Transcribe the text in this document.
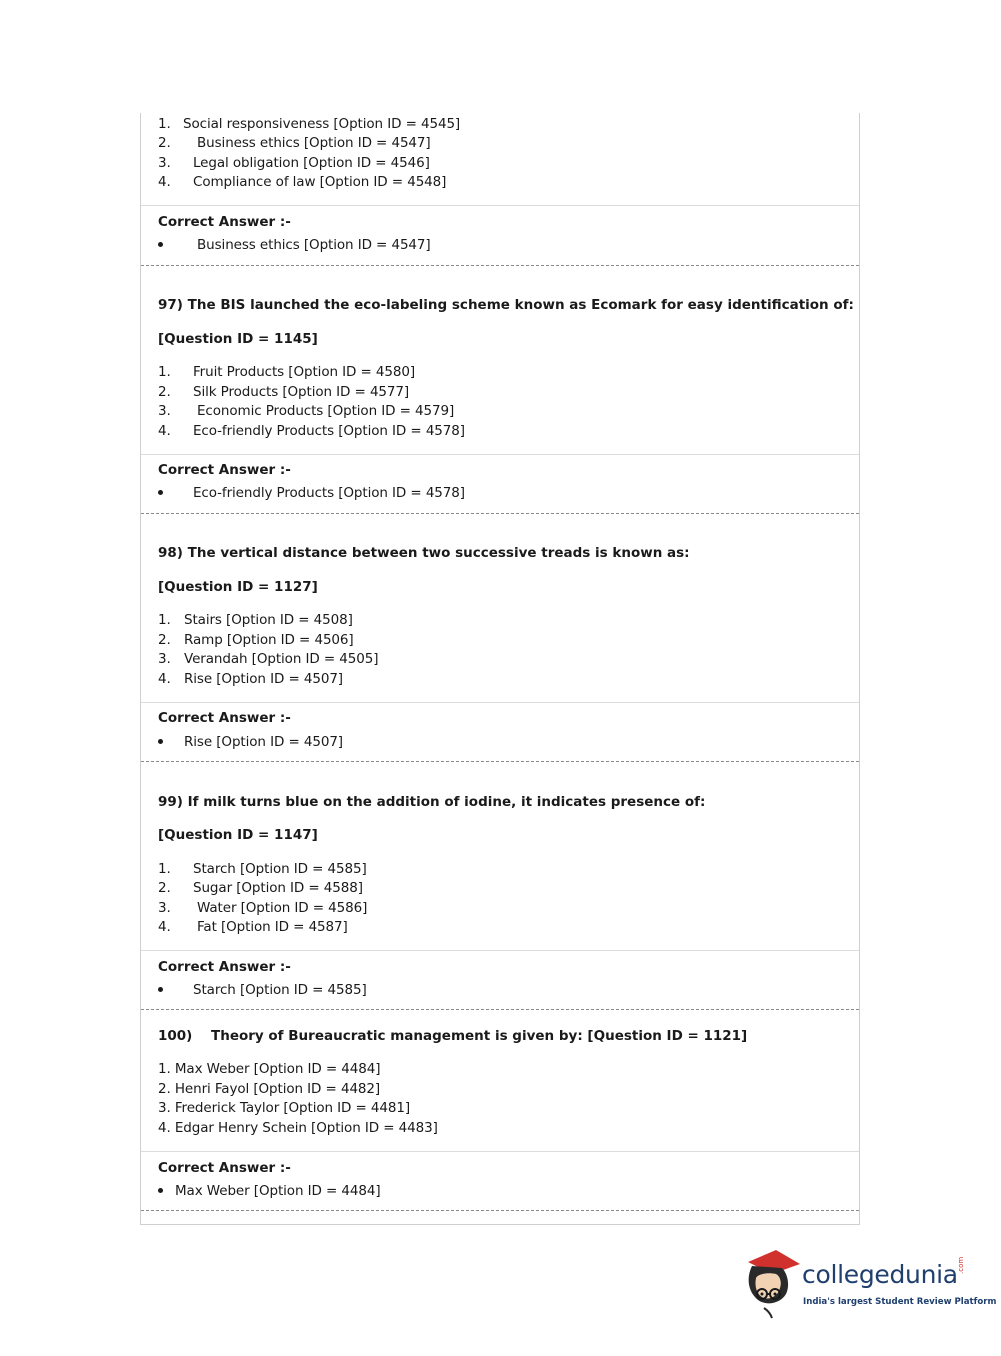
1. Social responsiveness [Option ID = 4545]
2. Business ethics [Option ID = 4547]
3. Legal obligation [Option ID = 4546]
4. Compliance of law [Option ID = 4548]
Correct Answer :-
Business ethics [Option ID = 4547]
97) The BIS launched the eco-labeling scheme known as Ecomark for easy identification of:
[Question ID = 1145]
1. Fruit Products [Option ID = 4580]
2. Silk Products [Option ID = 4577]
3. Economic Products [Option ID = 4579]
4. Eco-friendly Products [Option ID = 4578]
Correct Answer :-
Eco-friendly Products [Option ID = 4578]
98) The vertical distance between two successive treads is known as:
[Question ID = 1127]
1. Stairs [Option ID = 4508]
2. Ramp [Option ID = 4506]
3. Verandah [Option ID = 4505]
4. Rise [Option ID = 4507]
Correct Answer :-
Rise [Option ID = 4507]
99) If milk turns blue on the addition of iodine, it indicates presence of:
[Question ID = 1147]
1. Starch [Option ID = 4585]
2. Sugar [Option ID = 4588]
3. Water [Option ID = 4586]
4. Fat [Option ID = 4587]
Correct Answer :-
Starch [Option ID = 4585]
100) Theory of Bureaucratic management is given by: [Question ID = 1121]
1. Max Weber [Option ID = 4484]
2. Henri Fayol [Option ID = 4482]
3. Frederick Taylor [Option ID = 4481]
4. Edgar Henry Schein [Option ID = 4483]
Correct Answer :-
Max Weber [Option ID = 4484]
collegedunia .com
India's largest Student Review Platform
